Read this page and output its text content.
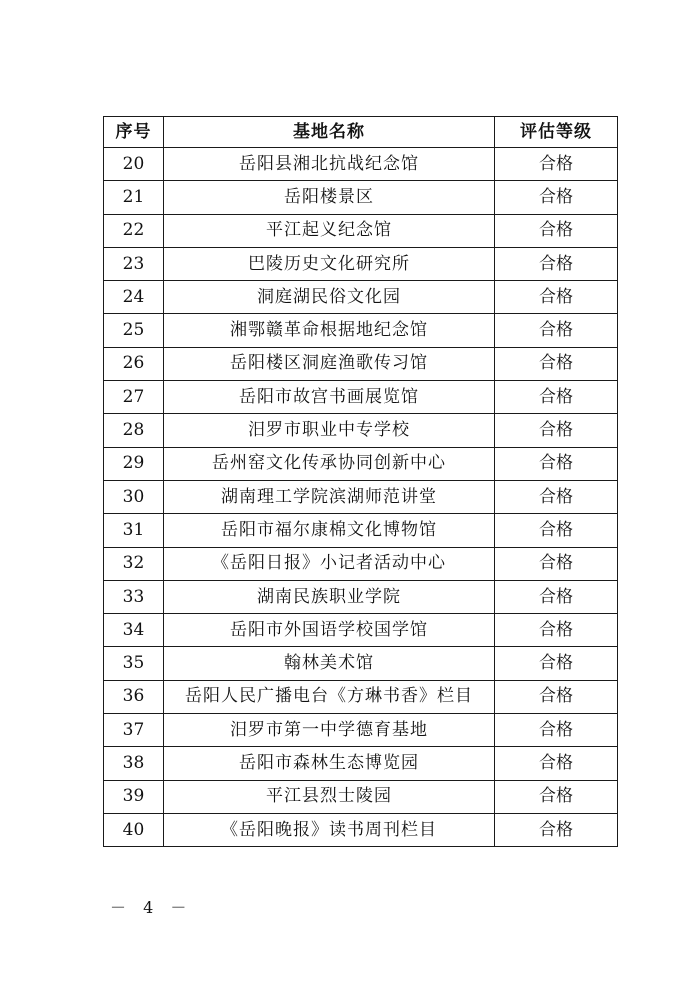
序号	基地名称	评估等级
20	岳阳县湘北抗战纪念馆	合格
21	岳阳楼景区	合格
22	平江起义纪念馆	合格
23	巴陵历史文化研究所	合格
24	洞庭湖民俗文化园	合格
25	湘鄂赣革命根据地纪念馆	合格
26	岳阳楼区洞庭渔歌传习馆	合格
27	岳阳市故宫书画展览馆	合格
28	汨罗市职业中专学校	合格
29	岳州窑文化传承协同创新中心	合格
30	湖南理工学院滨湖师范讲堂	合格
31	岳阳市福尔康棉文化博物馆	合格
32	《岳阳日报》小记者活动中心	合格
33	湖南民族职业学院	合格
34	岳阳市外国语学校国学馆	合格
35	翰林美术馆	合格
36	岳阳人民广播电台《方琳书香》栏目	合格
37	汨罗市第一中学德育基地	合格
38	岳阳市森林生态博览园	合格
39	平江县烈士陵园	合格
40	《岳阳晚报》读书周刊栏目	合格
－ 4 －
